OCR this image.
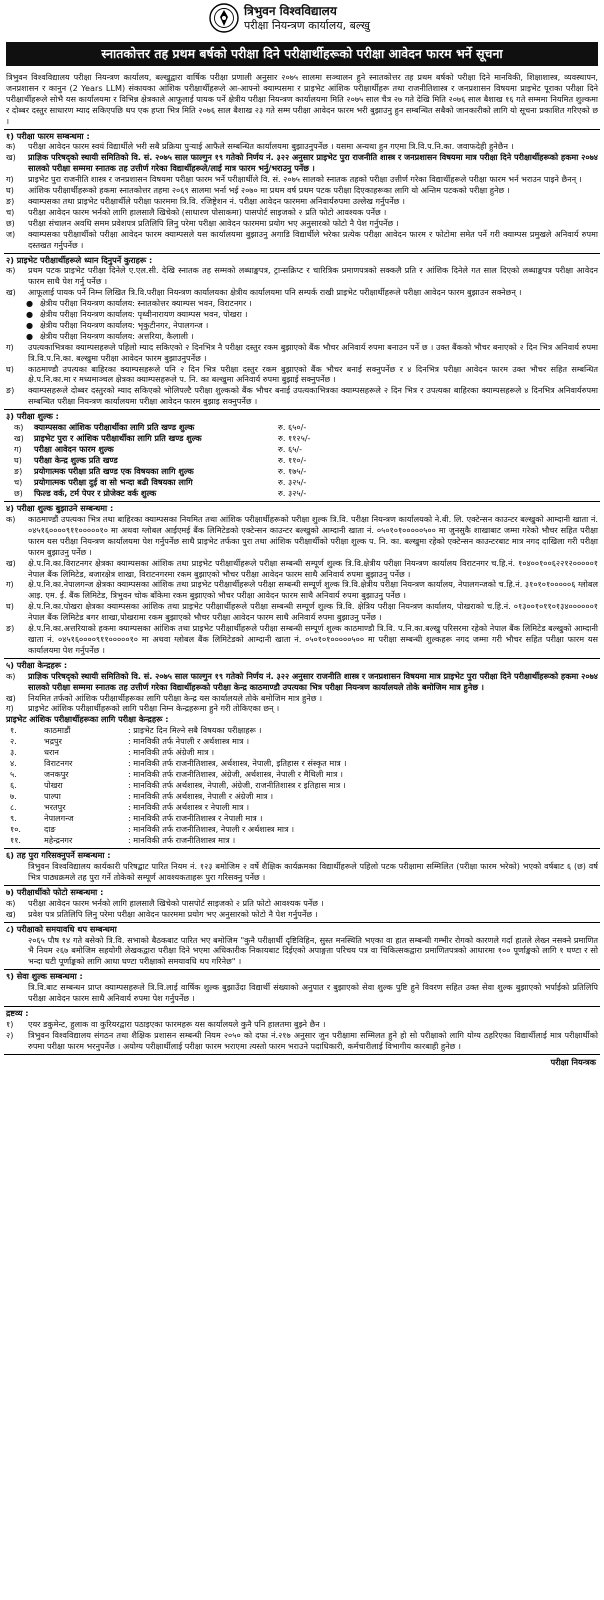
त्रिभुवन विश्वविद्यालय
परीक्षा नियन्त्रण कार्यालय, बल्खु
स्नातकोत्तर तह प्रथम बर्षको परीक्षा दिने परीक्षार्थीहरूको परीक्षा आवेदन फारम भर्ने सूचना
त्रिभुवन विश्वविद्यालय परीक्षा नियन्त्रण कार्यालय, बल्खुद्वारा वार्षिक परीक्षा प्रणाली अनुसार २०७५ सालमा सञ्चालन हुने स्नातकोत्तर तह प्रथम बर्षको परीक्षा दिने मानविकी, शिक्षाशास्त्र, व्यवस्थापन, जनप्रशासन र कानुन (2 Years LLM) संकायका आंशिक परीक्षार्थीहरूले आ-आफ्नो क्याम्पसमा र प्राइभेट आंशिक परीक्षार्थीहरू तथा राजनीतिशास्त्र र जनप्रशासन विषयमा प्राइभेट पूराका परीक्षा दिने परीक्षार्थीहरूले सोभै यस कार्यालयमा र विभिन्न क्षेत्रकाले आफूलाई पायक पर्ने क्षेत्रीय परीक्षा नियन्त्रण कार्यालयमा मिति २०७५ साल चैत्र २७ गते देखि मिति २०७६ साल बैशाख १६ गते सम्ममा नियमित शुल्कमा र दोब्बर दस्तुर साधारण म्याद सकिएपछि थप एक हप्ता भित्र मिति २०७६ साल बैशाख २३ गते सम्म परीक्षा आवेदन फारम भरी बुझाउनु हुन सम्बन्धित सबैको जानकारीको लागि यो सूचना प्रकाशित गरिएको छ ।
१) परीक्षा फारम सम्बन्धमा :
क)	परीक्षा आवेदन फारम स्वयं विद्यार्थीले भरी सबै प्रक्रिया पुऱ्याई आफैले सम्बन्धित कार्यालयमा बुझाउनुपर्नेछ । यसमा अन्यथा हुन गएमा त्रि.वि.प.नि.का. जवाफदेही हुनेछैन ।
ख)	प्राज्ञिक परिषद्को स्थायी समितिको वि. सं. २०७५ साल फाल्गुन १९ गतेको निर्णय नं. ३२२ अनुसार प्राइभेट पुरा राजनीति शास्त्र र जनप्रशासन विषयमा मात्र परीक्षा दिने परीक्षार्थीहरूको हकमा २०७४ सालको परीक्षा सम्ममा स्नातक तह उत्तीर्ण गरेका विद्यार्थीहरूले/लाई मात्र फारम भर्नु/भराउनु पर्नेछ ।
ग)	प्राइभेट पुरा राजनीति शास्त्र र जनप्रशासन विषयमा परीक्षा फारम भर्ने परीक्षार्थीले वि. सं. २०७५ सालको स्नातक तहको परीक्षा उत्तीर्ण गरेका विद्यार्थीहरूले परीक्षा फारम भर्न भराउन पाइने छैनन् ।
घ)	आंशिक परीक्षार्थीहरूको हकमा स्नातकोत्तर तहमा २०६९ सालमा भर्ना भई २०७० मा प्रथम वर्ष प्रथम पटक परीक्षा दिएकाहरूका लागि यो अन्तिम पटकको परीक्षा हुनेछ ।
ङ)	क्याम्पसका तथा प्राइभेट परीक्षार्थीले परीक्षा फारममा त्रि.वि. रजिष्ट्रेशन नं. परीक्षा आवेदन फारममा अनिवार्यरुपमा उल्लेख गर्नुपर्नेछ ।
च)	परीक्षा आवेदन फारम भर्नको लागि हालसालै खिचेको (साधारण पोसाकमा) पासपोर्ट साइजको २ प्रति फोटो आवश्यक पर्नेछ ।
छ)	परीक्षा संचालन अवधि समम प्रवेशपत्र प्रतिलिपि लिनु परेमा परीक्षा आवेदन फारममा प्रयोग भए अनुसारको फोटो नै पेश गर्नुपर्नेछ ।
ज)	क्याम्पसका परीक्षार्थीको परीक्षा आवेदन फारम क्याम्पसले यस कार्यालयमा बुझाउनु अगाडि विद्यार्थीले भरेका प्रत्येक परीक्षा आवेदन फारम र फोटोमा समेत पर्ने गरी क्याम्पस प्रमुखले अनिवार्य रुपमा दस्तखत गर्नुपर्नेछ ।
२) प्राइभेट परीक्षार्थीहरूले ध्यान दिनुपर्ने कुराहरू :
क)	प्रथम पटक प्राइभेट परीक्षा दिनेले ए.एल.सी. देखि स्नातक तह सम्मको लब्धाङ्कपत्र, ट्रान्सक्रिप्ट र चारित्रिक प्रमाणपत्रको सक्कलै प्रति र आंशिक दिनेले गत साल दिएको लब्धाङ्कपत्र परीक्षा आवेदन फारम साथै पेश गर्नु पर्नेछ ।
ख)	आफूलाई पायक पर्ने निम्न लिखित त्रि.वि.परीक्षा नियन्त्रण कार्यालयका क्षेत्रीय कार्यालयमा पनि सम्पर्क राखी प्राइभेट परीक्षार्थीहरूले परीक्षा आवेदन फारम बुझाउन सक्नेछन् ।
● क्षेत्रीय परीक्षा नियन्त्रण कार्यालय: स्नातकोत्तर क्याम्पस भवन, विराटनगर ।
● क्षेत्रीय परीक्षा नियन्त्रण कार्यालय: पृथ्वीनारायण क्याम्पस भवन, पोखरा ।
● क्षेत्रीय परीक्षा नियन्त्रण कार्यालय: भृकुटीनगर, नेपालगन्ज ।
● क्षेत्रीय परीक्षा नियन्त्रण कार्यालय: अत्तरिया, कैलाली ।
ग)	उपत्यकाभित्रका क्याम्पसहरूले पहिलो म्याद सकिएको २ दिनभित्र नै परीक्षा दस्तुर रकम बुझाएको बैंक भौचर अनिवार्य रुपमा बनाउन पर्ने छ । उक्त बैंकको भौचर बनाएको २ दिन भित्र अनिवार्य रुपमा त्रि.वि.प.नि.का. बल्खुमा परीक्षा आवेदन फारम बुझाउनुपर्नेछ ।
घ)	काठमाण्डौ उपत्यका बाहिरका क्याम्पसहरूले पनि २ दिन भित्र परीक्षा दस्तुर रकम बुझाएको बैंक भौचर बनाई सक्नुपर्नेछ र ४ दिनभित्र परीक्षा आवेदन फारम उक्त भौचर सहित सम्बन्धित क्षे.प.नि.का.मा र मध्यमाञ्चल क्षेत्रका क्याम्पसहरूले प. नि. का बल्खुमा अनिवार्य रुपमा बुझाई सक्नुपर्नेछ ।
ङ)	क्याम्पसहरूले दोब्बर दस्तुरको म्याद सकिएको भोलिपल्टै परीक्षा शुल्कको बैंक भौचर बनाई उपत्यकाभित्रका क्याम्पसहरूले २ दिन भित्र र उपत्यका बाहिरका क्याम्पसहरूले ४ दिनभित्र अनिवार्यरुपमा सम्बन्धित परीक्षा नियन्त्रण कार्यालयमा परीक्षा आवेदन फारम बुझाइ सक्नुपर्नेछ ।
३) परीक्षा शुल्क :
क)	क्याम्पसका आंशिक परीक्षार्थीका लागि प्रति खण्ड शुल्क	रु. ६५०/-
ख)	प्राइभेट पुरा र आंशिक परीक्षार्थीका लागि प्रति खण्ड शुल्क	रु. ११२५/-
ग)	परीक्षा आवेदन फारम शुल्क	रु. ६५/-
घ)	परीक्षा केन्द्र शुल्क प्रति खण्ड	रु. ११०/-
ङ)	प्रयोगात्मक परीक्षा प्रति खण्ड एक विषयका लागि शुल्क	रु. १७५/-
च)	प्रयोगात्मक परीक्षा दुई वा सो भन्दा बढी विषयका लागि	रु. ३२५/-
छ)	फिल्ड वर्क, टर्म पेपर र प्रोजेक्ट वर्क शुल्क	रु. ३२५/-
४) परीक्षा शुल्क बुझाउने सम्बन्धमा :
क)	काठमाण्डौं उपत्यका भित्र तथा बाहिरका क्याम्पसका नियमित तथा आंशिक परीक्षार्थीहरूको परीक्षा शुल्क त्रि.वि. परीक्षा नियन्त्रण कार्यालयको ने.बी. लि. एक्टेन्सन काउन्टर बल्खुको आम्दानी खाता नं. ०४५१६००००९११०००००१० मा अथवा ग्लोबल आईएमई बैंक लिमिटेडको एक्टेन्सन काउन्टर बल्खुको आम्दानी खाता नं. ०५०१०१०००००५०० मा जुनसुकै शाखाबाट जम्मा गरेको भौचर सहित परीक्षा फारम यस परीक्षा नियन्त्रण कार्यालयमा पेश गर्नुपर्नेछ साथै प्राइभेट तर्फका पुरा तथा आंशिक परीक्षार्थीको परीक्षा शुल्क प. नि. का. बल्खुमा रहेको एक्टेन्सन काउन्टरबाट मात्र नगद दाखिला गरी परीक्षा फारम बुझाउनु पर्नेछ ।
ख)	क्षे.प.नि.का.विराटनगर क्षेत्रका क्याम्पसका आंशिक तथा प्राइभेट परीक्षार्थीहरूले परीक्षा सम्बन्धी सम्पूर्ण शुल्क त्रि.वि.क्षेत्रीय परीक्षा नियन्त्रण कार्यालय विराटनगर च.हि.नं. १०४००१००६२२१२०००००१ नेपाल बैंक लिमिटेड, बजारक्षेत्र शाखा, विराटनगरमा रकम बुझाएको भौचर परीक्षा आवेदन फारम साथै अनिवार्य रुपमा बुझाउनु पर्नेछ ।
ग)	क्षे.प.नि.का.नेपालगन्ज क्षेत्रका क्याम्पसका आंशिक तथा प्राइभेट परीक्षार्थीहरूले परीक्षा सम्बन्धी सम्पूर्ण शुल्क त्रि.वि.क्षेत्रीय परीक्षा नियन्त्रण कार्यालय, नेपालगन्जको च.हि.नं. ३१०१०१०००००६ ग्लोबल आइ. एम. ई. बैंक लिमिटेड, त्रिभुवन चोक बाँकेमा रकम बुझाएको भौचर परीक्षा आवेदन फारम साथै अनिवार्य रुपमा बुझाउनु पर्नेछ ।
घ)	क्षे.प.नि.का.पोखरा क्षेत्रका क्याम्पसका आंशिक तथा प्राइभेट परीक्षार्थीहरूले परीक्षा सम्बन्धी सम्पूर्ण शुल्क त्रि.वि. क्षेत्रिय परीक्षा नियन्त्रण कार्यालय, पोखराको च.हि.नं. ०१३००१०११०१३४००००००१ नेपाल बैंक लिमिटेड बगर शाखा,पोखरामा रकम बुझाएको भौचर परीक्षा आवेदन फारम साथै अनिवार्य रुपमा बुझाउनु पर्नेछ ।
ङ)	क्षे.प.नि.का.अत्तरियाको हकमा क्याम्पसका आंशिक तथा प्राइभेट परीक्षार्थीहरूले परीक्षा सम्बन्धी सम्पूर्ण शुल्क काठमाण्डौ त्रि.वि. प.नि.का.बल्खु परिसरमा रहेको नेपाल बैंक लिमिटेड बल्खुको आम्दानी खाता नं. ०४५१६००००९११०००००१० मा अथवा ग्लोबल बैंक लिमिटेडको आम्दानी खाता नं. ०५०१०१०००००५०० मा परीक्षा सम्बन्धी शुल्कहरू नगद जम्मा गरी भौचर सहित परीक्षा फारम यस कार्यालयमा पेश गर्नुपर्नेछ ।
५) परीक्षा केन्द्रहरू :
क)	प्राज्ञिक परिषद्को स्थायी समितिको वि. सं. २०७५ साल फाल्गुन १९ गतेको निर्णय नं. ३२२ अनुसार राजनीति शास्त्र र जनप्रशासन विषयमा मात्र प्राइभेट पुरा परीक्षा दिने परीक्षार्थीहरूको हकमा २०७४ सालको परीक्षा सम्ममा स्नातक तह उत्तीर्ण गरेका विद्यार्थीहरूको परीक्षा केन्द्र काठमाण्डौ उपत्यका भित्र परीक्षा नियन्त्रण कार्यालयले तोके बमोजिम मात्र हुनेछ ।
ख)	नियमित तर्फको आंशिक परीक्षार्थीहरूका लागि परीक्षा केन्द्र यस कार्यालयले तोके बमोजिम मात्र हुनेछ ।
ग)	प्राइभेट आंशिक परीक्षार्थीहरूको लागि परीक्षा निम्न केन्द्रहरूमा हुने गरी तोकिएका छन् ।
प्राइभेट आंशिक परीक्षार्थीहरूका लागि परीक्षा केन्द्रहरू :
१.	काठमाडौं	: प्राइभेट दिन मिल्ने सबै विषयका परीक्षाहरू ।
२.	भद्रपुर	: मानविकी तर्फ नेपाली र अर्थशास्त्र मात्र ।
३.	धरान	: मानविकी तर्फ अंग्रेजी मात्र ।
४.	विराटनगर	: मानविकी तर्फ राजनीतिशास्त्र, अर्थशास्त्र, नेपाली, इतिहास र संस्कृत मात्र ।
५.	जनकपुर	: मानविकी तर्फ राजनीतिशास्त्र, अंग्रेजी, अर्थशास्त्र, नेपाली र मैथिली मात्र ।
६.	पोखरा	: मानविकी तर्फ अर्थशास्त्र, नेपाली, अंग्रेजी, राजनीतिशास्त्र र इतिहास मात्र ।
७.	पाल्पा	: मानविकी तर्फ अर्थशास्त्र, नेपाली र अंग्रेजी मात्र ।
८.	भरतपुर	: मानविकी तर्फ अर्थशास्त्र र नेपाली मात्र ।
९.	नेपालगन्ज	: मानविकी तर्फ राजनीतिशास्त्र र नेपाली मात्र ।
१०.	दाङ	: मानविकी तर्फ राजनीतिशास्त्र, नेपाली र अर्थशास्त्र मात्र ।
११.	महेन्द्रनगर	: मानविकी तर्फ राजनीतिशास्त्र मात्र ।
६) तह पुरा गरिसक्नुपर्ने सम्बन्धमा :
त्रिभुवन विश्वविद्यालय कार्यकारी परिषद्बाट पारित नियम नं. १२३ बमोजिम २ वर्षे शैक्षिक कार्यक्रमका विद्यार्थीहरूले पहिलो पटक परीक्षामा सम्मिलित (परीक्षा फारम भरेको) भएको वर्षबाट ६ (छ) वर्ष भित्र पाठ्यक्रमले तह पुरा गर्ने तोकेको सम्पूर्ण आवश्यकताहरू पुरा गरिसक्नु पर्नेछ ।
७) परीक्षार्थीको फोटो सम्बन्धमा :
क)	परीक्षा आवेदन फारम भर्नको लागि हालसालै खिचेको पासपोर्ट साइजको २ प्रति फोटो आवश्यक पर्नेछ ।
ख)	प्रवेश पत्र प्रतिलिपि लिनु परेमा परीक्षा आवेदन फारममा प्रयोग भए अनुसारको फोटो नै पेश गर्नुपर्नेछ ।
८) परीक्षाको समयावधि थप सम्बन्धमा
२०६५ पौष १४ गते बसेको त्रि.वि. सभाको बैठकबाट पारित भए बमोजिम "कुनै परीक्षार्थी दृष्टिविहिन, सुस्त मनस्थिति भएका वा हात सम्बन्धी गम्भीर रोगको कारणले गर्दा हातले लेख्न नसक्ने प्रमाणित भै नियम २६७ बमोजिम सहयोगी लेखकद्वारा परीक्षा दिने भएमा अधिकारीक निकायबाट दिईएको अपाङ्गता परिचय पत्र वा चिकित्सकद्वारा प्रमाणितपत्रको आधारमा १०० पूर्णाङ्कको लागि १ घण्टा र सो भन्दा घटी पूर्णाङ्कको लागि आधा घण्टा परीक्षाको समयावधि थप गरिनेछ" ।
९) सेवा शुल्क सम्बन्धमा :
त्रि.वि.बाट सम्बन्धन प्राप्त क्याम्पसहरूले त्रि.वि.लाई वार्षिक शुल्क बुझाउँदा विद्यार्थी संख्याको अनुपात र बुझाएको सेवा शुल्क पुष्टि हुने विवरण सहित उक्त सेवा शुल्क बुझाएको भर्पाईको प्रतिलिपि परीक्षा आवेदन फारम साथै अनिवार्य रुपमा पेश गर्नुपर्नेछ ।
द्रष्टव्य :
१)	एयर डकुमेन्ट, हुलाक वा कुरियरद्वारा पठाइएका फारमहरू यस कार्यालयले कुनै पनि हालतमा बुझ्ने छैन ।
२)	त्रिभुवन विश्वविद्यालय संगठन तथा शैक्षिक प्रशासन सम्बन्धी नियम २०५० को दफा नं.२१७ अनुसार जुन परीक्षामा सम्मिलत हुने हो सो परीक्षाको लागि योग्य ठहरिएका विद्यार्थीलाई मात्र परीक्षार्थीको रुपमा परीक्षा फारम भरनुपर्नेछ । अयोग्य परीक्षार्थीलाई परीक्षा फारम भराएमा त्यस्तो फारम भराउने पदाधिकारी, कर्मचारीलाई विभागीय कारबाही हुनेछ ।
परीक्षा नियन्त्रक
